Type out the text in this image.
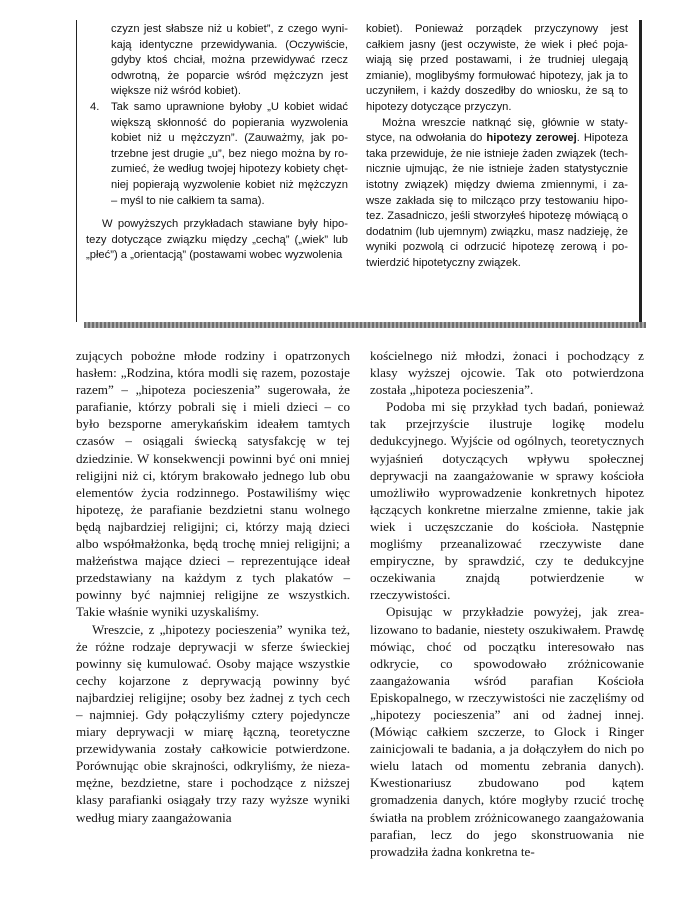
czyzn jest słabsze niż u kobiet”, z czego wynikają identyczne przewidywania. (Oczywiście, gdyby ktoś chciał, można przewidywać rzecz odwrotną, że poparcie wśród mężczyzn jest większe niż wśród kobiet).

4. Tak samo uprawnione byłoby „U kobiet widać większą skłonność do popierania wyzwolenia kobiet niż u mężczyzn”. (Zauważmy, jak potrzebne jest drugie „u”, bez niego można by rozumieć, że według twojej hipotezy kobiety chętniej popierają wyzwolenie kobiet niż mężczyzn – myśl to nie całkiem ta sama).

W powyższych przykładach stawiane były hipotezy dotyczące związku między „cechą” („wiek” lub „płeć”) a „orientacją” (postawami wobec wyzwolenia

kobiet). Ponieważ porządek przyczynowy jest całkiem jasny (jest oczywiste, że wiek i płeć pojawiają się przed postawami, i że trudniej ulegają zmianie), moglibyśmy formułować hipotezy, jak ja to uczyniłem, i każdy doszedłby do wniosku, że są to hipotezy dotyczące przyczyn.

Można wreszcie natknąć się, głównie w statystyce, na odwołania do hipotezy zerowej. Hipoteza taka przewiduje, że nie istnieje żaden związek (technicznie ujmując, że nie istnieje żaden statystycznie istotny związek) między dwiema zmiennymi, i zawsze zakłada się to milcząco przy testowaniu hipotez. Zasadniczo, jeśli stworzyłeś hipotezę mówiącą o dodatnim (lub ujemnym) związku, masz nadzieję, że wyniki pozwolą ci odrzucić hipotezę zerową i potwierdzić hipotetyczny związek.

zujących pobożne młode rodziny i opatrzonych hasłem: „Rodzina, która modli się razem, pozostaje razem” – „hipoteza pocieszenia” sugerowała, że parafianie, którzy pobrali się i mieli dzieci – co było bezsporne amerykańskim ideałem tamtych czasów – osiągali świecką satysfakcję w tej dziedzinie. W konsekwencji powinni być oni mniej religijni niż ci, którym brakowało jednego lub obu elementów życia rodzinnego. Postawiliśmy więc hipotezę, że parafianie bezdzietni stanu wolnego będą najbardziej religijni; ci, którzy mają dzieci albo współmałżonka, będą trochę mniej religijni; a małżeństwa mające dzieci – reprezentujące ideał przedstawiany na każdym z tych plakatów – powinny być najmniej religijne ze wszystkich. Takie właśnie wyniki uzyskaliśmy.

Wreszcie, z „hipotezy pocieszenia” wynika też, że różne rodzaje deprywacji w sferze świeckiej powinny się kumulować. Osoby mające wszystkie cechy kojarzone z deprywacją powinny być najbardziej religijne; osoby bez żadnej z tych cech – najmniej. Gdy połączyliśmy cztery pojedyncze miary deprywacji w miarę łączną, teoretyczne przewidywania zostały całkowicie potwierdzone. Porównując obie skrajności, odkryliśmy, że niezamężne, bezdzietne, stare i pochodzące z niższej klasy parafianki osiągały trzy razy wyższe wyniki według miary zaangażowania

kościelnego niż młodzi, żonaci i pochodzący z klasy wyższej ojcowie. Tak oto potwierdzona została „hipoteza pocieszenia”.

Podoba mi się przykład tych badań, ponieważ tak przejrzyście ilustruje logikę modelu dedukcyjnego. Wyjście od ogólnych, teoretycznych wyjaśnień dotyczących wpływu społecznej deprywacji na zaangażowanie w sprawy kościoła umożliwiło wyprowadzenie konkretnych hipotez łączących konkretne mierzalne zmienne, takie jak wiek i uczęszczanie do kościoła. Następnie mogliśmy przeanalizować rzeczywiste dane empiryczne, by sprawdzić, czy te dedukcyjne oczekiwania znajdą potwierdzenie w rzeczywistości.

Opisując w przykładzie powyżej, jak zrealizowano to badanie, niestety oszukiwałem. Prawdę mówiąc, choć od początku interesowało nas odkrycie, co spowodowało zróżnicowanie zaangażowania wśród parafian Kościoła Episkopalnego, w rzeczywistości nie zaczęliśmy od „hipotezy pocieszenia” ani od żadnej innej. (Mówiąc całkiem szczerze, to Glock i Ringer zainicjowali te badania, a ja dołączyłem do nich po wielu latach od momentu zebrania danych). Kwestionariusz zbudowano pod kątem gromadzenia danych, które mogłyby rzucić trochę światła na problem zróżnicowanego zaangażowania parafian, lecz do jego skonstruowania nie prowadziła żadna konkretna te-
